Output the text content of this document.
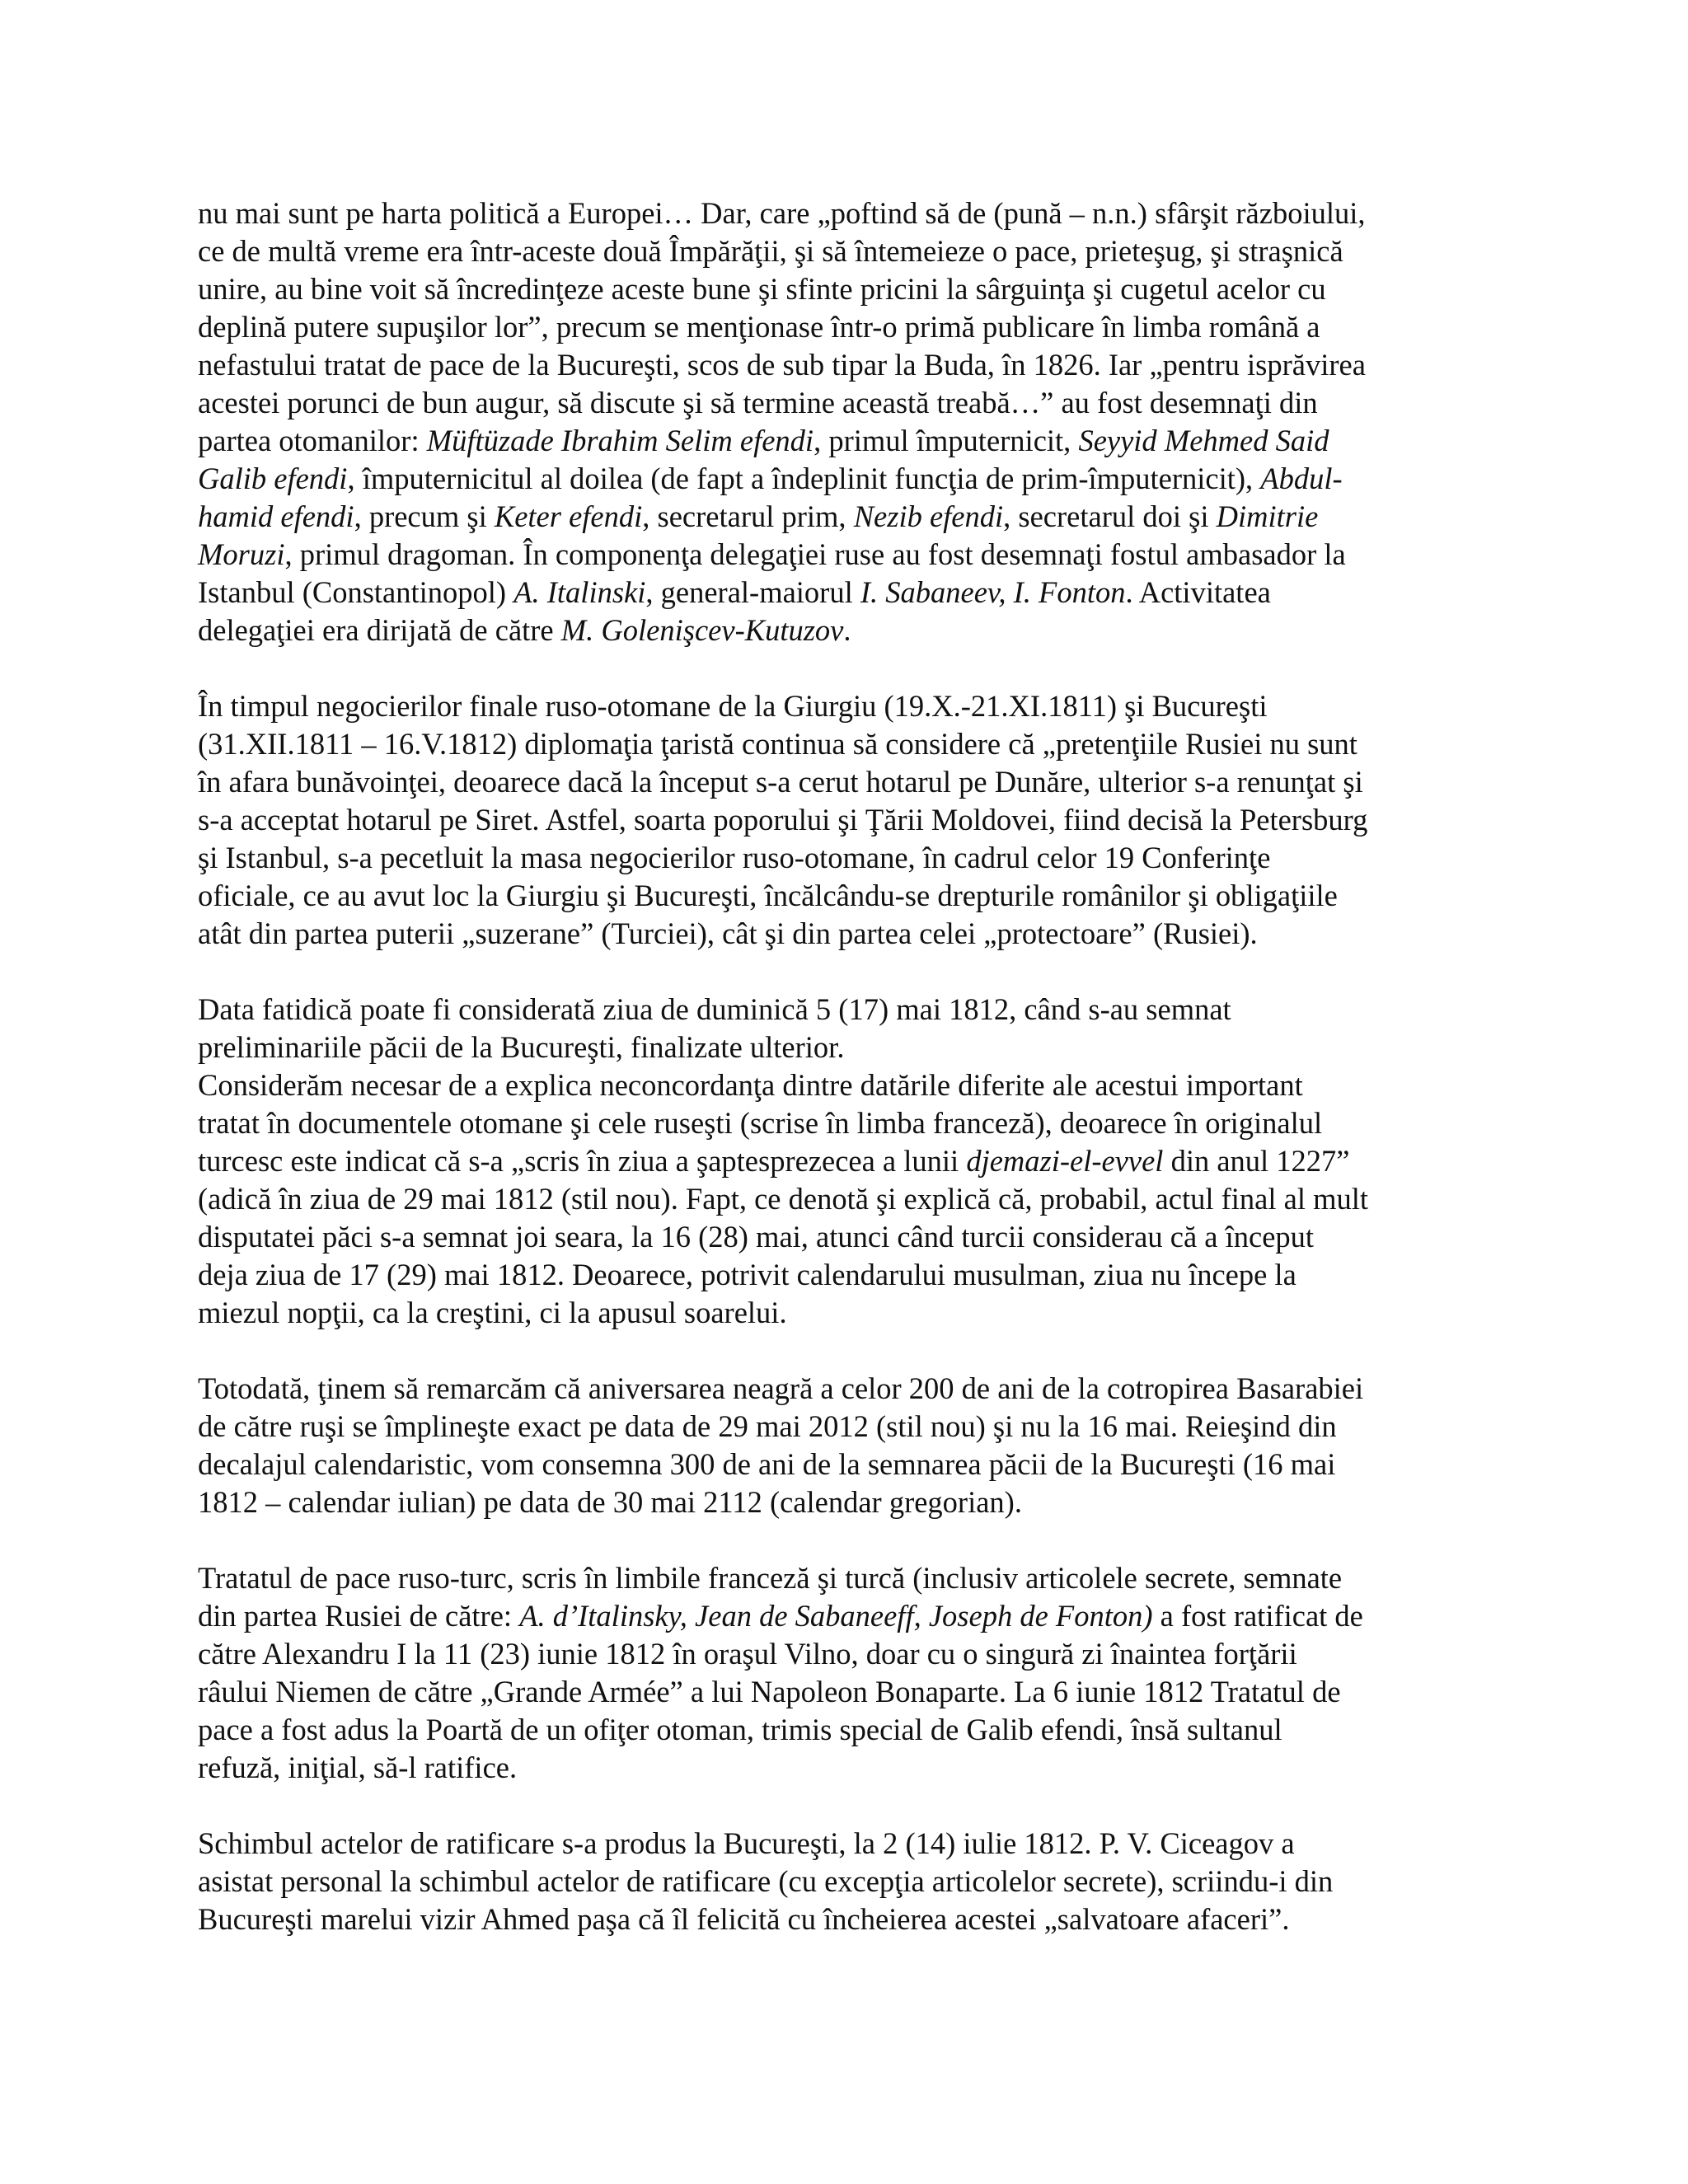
nu mai sunt pe harta politică a Europei… Dar, care „poftind să de (pună – n.n.) sfârşit războiului,
ce de multă vreme era într-aceste două Împărăţii, şi să întemeieze o pace, prieteşug, şi straşnică
unire, au bine voit să încredinţeze aceste bune şi sfinte pricini la sârguinţa şi cugetul acelor cu
deplină putere supuşilor lor”, precum se menţionase într-o primă publicare în limba română a
nefastului tratat de pace de la Bucureşti, scos de sub tipar la Buda, în 1826. Iar „pentru isprăvirea
acestei porunci de bun augur, să discute şi să termine această treabă…” au fost desemnaţi din
partea otomanilor: Müftüzade Ibrahim Selim efendi, primul împuternicit, Seyyid Mehmed Said
Galib efendi, împuternicitul al doilea (de fapt a îndeplinit funcţia de prim-împuternicit), Abdul-
hamid efendi, precum şi Keter efendi, secretarul prim, Nezib efendi, secretarul doi şi Dimitrie
Moruzi, primul dragoman. În componenţa delegaţiei ruse au fost desemnaţi fostul ambasador la
Istanbul (Constantinopol) A. Italinski, general-maiorul I. Sabaneev, I. Fonton. Activitatea
delegaţiei era dirijată de către M. Golenişcev-Kutuzov.
În timpul negocierilor finale ruso-otomane de la Giurgiu (19.X.-21.XI.1811) şi Bucureşti
(31.XII.1811 – 16.V.1812) diplomaţia ţaristă continua să considere că „pretenţiile Rusiei nu sunt
în afara bunăvoinţei, deoarece dacă la început s-a cerut hotarul pe Dunăre, ulterior s-a renunţat şi
s-a acceptat hotarul pe Siret. Astfel, soarta poporului şi Ţării Moldovei, fiind decisă la Petersburg
şi Istanbul, s-a pecetluit la masa negocierilor ruso-otomane, în cadrul celor 19 Conferinţe
oficiale, ce au avut loc la Giurgiu şi Bucureşti, încălcându-se drepturile românilor şi obligaţiile
atât din partea puterii „suzerane” (Turciei), cât şi din partea celei „protectoare” (Rusiei).
Data fatidică poate fi considerată ziua de duminică 5 (17) mai 1812, când s-au semnat
preliminariile păcii de la Bucureşti, finalizate ulterior.
Considerăm necesar de a explica neconcordanţa dintre datările diferite ale acestui important
tratat în documentele otomane şi cele ruseşti (scrise în limba franceză), deoarece în originalul
turcesc este indicat că s-a „scris în ziua a şaptesprezecea a lunii djemazi-el-evvel din anul 1227”
(adică în ziua de 29 mai 1812 (stil nou). Fapt, ce denotă şi explică că, probabil, actul final al mult
disputatei păci s-a semnat joi seara, la 16 (28) mai, atunci când turcii considerau că a început
deja ziua de 17 (29) mai 1812. Deoarece, potrivit calendarului musulman, ziua nu începe la
miezul nopţii, ca la creştini, ci la apusul soarelui.
Totodată, ţinem să remarcăm că aniversarea neagră a celor 200 de ani de la cotropirea Basarabiei
de către ruşi se împlineşte exact pe data de 29 mai 2012 (stil nou) şi nu la 16 mai. Reieşind din
decalajul calendaristic, vom consemna 300 de ani de la semnarea păcii de la Bucureşti (16 mai
1812 – calendar iulian) pe data de 30 mai 2112 (calendar gregorian).
Tratatul de pace ruso-turc, scris în limbile franceză şi turcă (inclusiv articolele secrete, semnate
din partea Rusiei de către: A. d’Italinsky, Jean de Sabaneeff, Joseph de Fonton) a fost ratificat de
către Alexandru I la 11 (23) iunie 1812 în oraşul Vilno, doar cu o singură zi înaintea forţării
râului Niemen de către „Grande Armée” a lui Napoleon Bonaparte. La 6 iunie 1812 Tratatul de
pace a fost adus la Poartă de un ofiţer otoman, trimis special de Galib efendi, însă sultanul
refuză, iniţial, să-l ratifice.
Schimbul actelor de ratificare s-a produs la Bucureşti, la 2 (14) iulie 1812. P. V. Ciceagov a
asistat personal la schimbul actelor de ratificare (cu excepţia articolelor secrete), scriindu-i din
Bucureşti marelui vizir Ahmed paşa că îl felicită cu încheierea acestei „salvatoare afaceri”.
